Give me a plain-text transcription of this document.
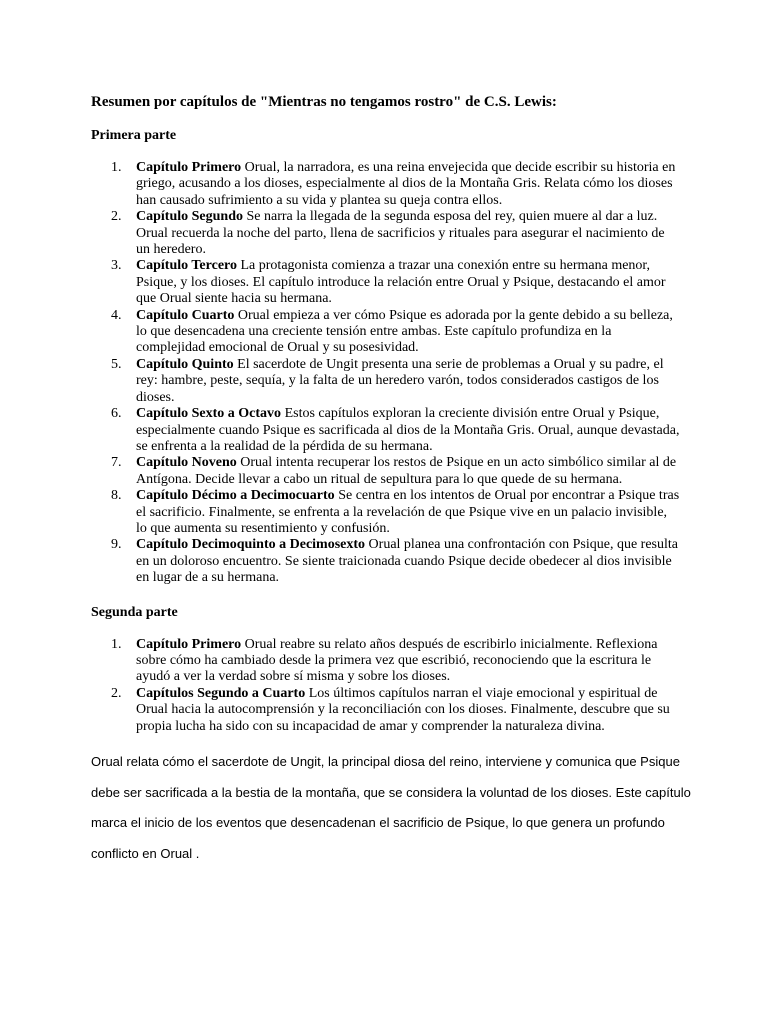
Resumen por capítulos de "Mientras no tengamos rostro" de C.S. Lewis:
Primera parte
1.	Capítulo Primero Orual, la narradora, es una reina envejecida que decide escribir su historia en griego, acusando a los dioses, especialmente al dios de la Montaña Gris. Relata cómo los dioses han causado sufrimiento a su vida y plantea su queja contra ellos.
2.	Capítulo Segundo Se narra la llegada de la segunda esposa del rey, quien muere al dar a luz. Orual recuerda la noche del parto, llena de sacrificios y rituales para asegurar el nacimiento de un heredero.
3.	Capítulo Tercero La protagonista comienza a trazar una conexión entre su hermana menor, Psique, y los dioses. El capítulo introduce la relación entre Orual y Psique, destacando el amor que Orual siente hacia su hermana.
4.	Capítulo Cuarto Orual empieza a ver cómo Psique es adorada por la gente debido a su belleza, lo que desencadena una creciente tensión entre ambas. Este capítulo profundiza en la complejidad emocional de Orual y su posesividad.
5.	Capítulo Quinto El sacerdote de Ungit presenta una serie de problemas a Orual y su padre, el rey: hambre, peste, sequía, y la falta de un heredero varón, todos considerados castigos de los dioses.
6.	Capítulo Sexto a Octavo Estos capítulos exploran la creciente división entre Orual y Psique, especialmente cuando Psique es sacrificada al dios de la Montaña Gris. Orual, aunque devastada, se enfrenta a la realidad de la pérdida de su hermana.
7.	Capítulo Noveno Orual intenta recuperar los restos de Psique en un acto simbólico similar al de Antígona. Decide llevar a cabo un ritual de sepultura para lo que quede de su hermana.
8.	Capítulo Décimo a Decimocuarto Se centra en los intentos de Orual por encontrar a Psique tras el sacrificio. Finalmente, se enfrenta a la revelación de que Psique vive en un palacio invisible, lo que aumenta su resentimiento y confusión.
9.	Capítulo Decimoquinto a Decimosexto Orual planea una confrontación con Psique, que resulta en un doloroso encuentro. Se siente traicionada cuando Psique decide obedecer al dios invisible en lugar de a su hermana.
Segunda parte
1.	Capítulo Primero Orual reabre su relato años después de escribirlo inicialmente. Reflexiona sobre cómo ha cambiado desde la primera vez que escribió, reconociendo que la escritura le ayudó a ver la verdad sobre sí misma y sobre los dioses.
2.	Capítulos Segundo a Cuarto Los últimos capítulos narran el viaje emocional y espiritual de Orual hacia la autocomprensión y la reconciliación con los dioses. Finalmente, descubre que su propia lucha ha sido con su incapacidad de amar y comprender la naturaleza divina.

Orual relata cómo el sacerdote de Ungit, la principal diosa del reino, interviene y comunica que Psique debe ser sacrificada a la bestia de la montaña, que se considera la voluntad de los dioses. Este capítulo marca el inicio de los eventos que desencadenan el sacrificio de Psique, lo que genera un profundo conflicto en Orual .
